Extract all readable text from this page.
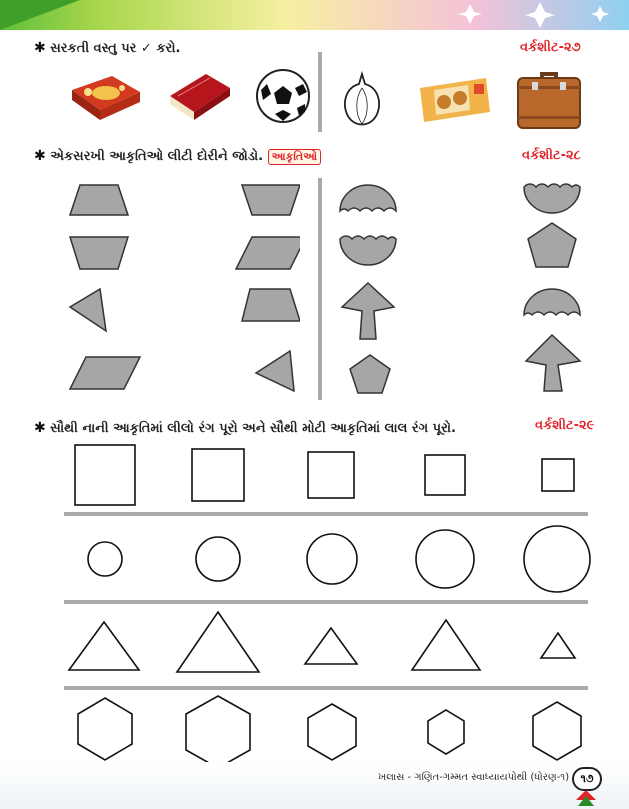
✱ સરકતી વસ્તુ પર ✓ કરો.	વર્કશીટ-૨૭
✱ એકસરખી આકૃતિઓ લીટી દોરીને જોડો. આકૃતિઓ	વર્કશીટ-૨૮
✱ સૌથી નાની આકૃતિમાં લીલો રંગ પૂરો અને સૌથી મોટી આકૃતિમાં લાલ રંગ પૂરો.	વર્કશીટ-૨૯
ખલાસ - ગણિત-ગમ્મત સ્વાધ્યાયપોથી (ધોરણ-૧)	૧૭
